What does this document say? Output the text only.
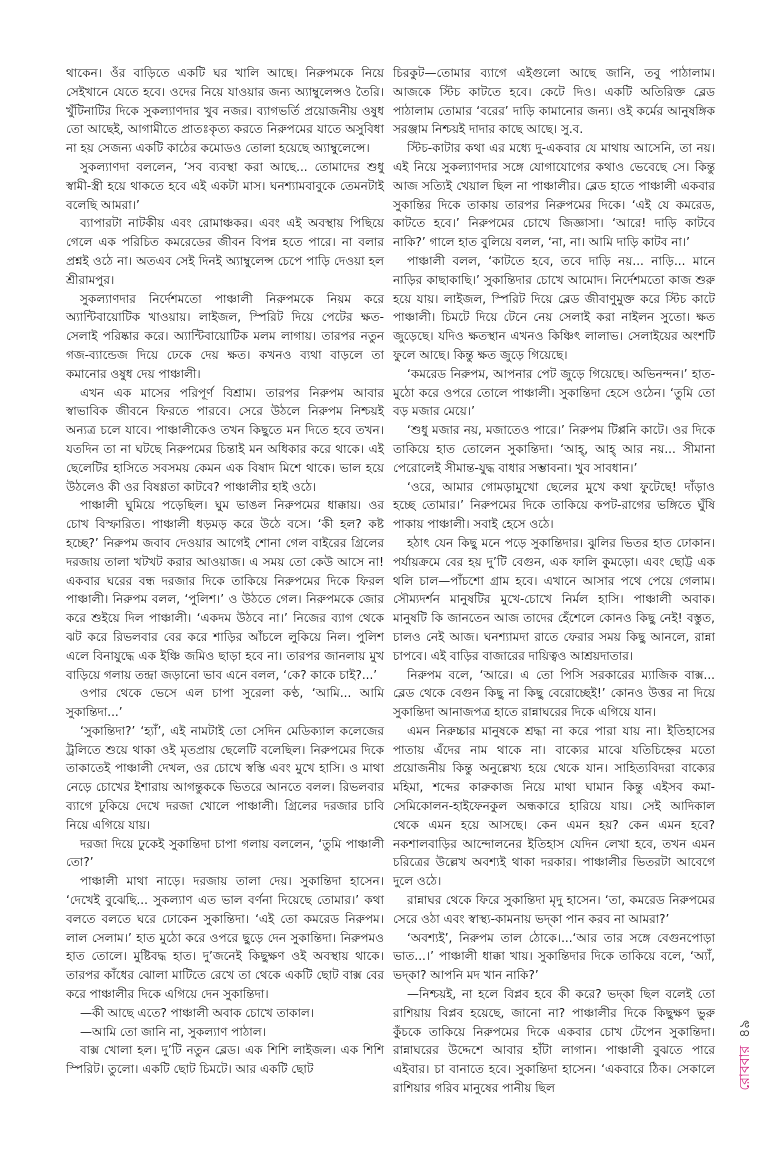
থাকেন। ওঁর বাড়িতে একটি ঘর খালি আছে। নিরুপমকে নিয়ে সেইখানে যেতে হবে। ওদের নিয়ে যাওয়ার জন্য অ্যাম্বুলেন্সও তৈরি। খুঁটিনাটির দিকে সুকল্যাণদার খুব নজর। ব্যাগভর্তি প্রয়োজনীয় ওষুধ তো আছেই, আগামীতে প্রাতঃকৃত্য করতে নিরুপমের যাতে অসুবিধা না হয় সেজন্য একটি কাঠের কমোডও তোলা হয়েছে অ্যাম্বুলেন্সে।

সুকল্যাণদা বললেন, ‘সব ব্যবস্থা করা আছে... তোমাদের শুধু স্বামী-স্ত্রী হয়ে থাকতে হবে এই একটা মাস। ঘনশ্যামবাবুকে তেমনটাই বলেছি আমরা।’

ব্যাপারটা নাটকীয় এবং রোমাঞ্চকর। এবং এই অবস্থায় পিছিয়ে গেলে এক পরিচিত কমরেডের জীবন বিপন্ন হতে পারে। না বলার প্রশ্নই ওঠে না। অতএব সেই দিনই অ্যাম্বুলেন্স চেপে পাড়ি দেওয়া হল শ্রীরামপুর।

সুকল্যাণদার নির্দেশমতো পাঞ্চালী নিরুপমকে নিয়ম করে অ্যান্টিবায়োটিক খাওয়ায়। লাইজল, স্পিরিট দিয়ে পেটের ক্ষত-সেলাই পরিষ্কার করে। অ্যান্টিবায়োটিক মলম লাগায়। তারপর নতুন গজ-ব্যান্ডেজ দিয়ে ঢেকে দেয় ক্ষত। কখনও ব্যথা বাড়লে তা কমানোর ওষুধ দেয় পাঞ্চালী।

এখন এক মাসের পরিপূর্ণ বিশ্রাম। তারপর নিরুপম আবার স্বাভাবিক জীবনে ফিরতে পারবে। সেরে উঠলে নিরুপম নিশ্চয়ই অন্যত্র চলে যাবে। পাঞ্চালীকেও তখন কিছুতে মন দিতে হবে তখন। যতদিন তা না ঘটছে নিরুপমের চিন্তাই মন অধিকার করে থাকে। এই ছেলেটির হাসিতে সবসময় কেমন এক বিষাদ মিশে থাকে। ভাল হয়ে উঠলেও কী ওর বিষণ্ণতা কাটবে? পাঞ্চালীর হাই ওঠে।

পাঞ্চালী ঘুমিয়ে পড়েছিল। ঘুম ভাঙল নিরুপমের ধাক্কায়। ওর চোখ বিস্ফারিত। পাঞ্চালী ধড়মড় করে উঠে বসে। ‘কী হল? কষ্ট হচ্ছে?’ নিরুপম জবাব দেওয়ার আগেই শোনা গেল বাইরের গ্রিলের দরজায় তালা খটখট করার আওয়াজ। এ সময় তো কেউ আসে না! একবার ঘরের বন্ধ দরজার দিকে তাকিয়ে নিরুপমের দিকে ফিরল পাঞ্চালী। নিরুপম বলল, ‘পুলিশ।’ ও উঠতে গেল। নিরুপমকে জোর করে শুইয়ে দিল পাঞ্চালী। ‘একদম উঠবে না।’ নিজের ব্যাগ থেকে ঝট করে রিভলবার বের করে শাড়ির আঁচলে লুকিয়ে নিল। পুলিশ এলে বিনাযুদ্ধে এক ইঞ্চি জমিও ছাড়া হবে না। তারপর জানলায় মুখ বাড়িয়ে গলায় তন্দ্রা জড়ানো ভাব এনে বলল, ‘কে? কাকে চাই?...’

ওপার থেকে ভেসে এল চাপা সুরেলা কণ্ঠ, ‘আমি... আমি সুকান্তিদা...’

‘সুকান্তিদা?’ ‘হ্যাঁ’, এই নামটাই তো সেদিন মেডিক্যাল কলেজের ট্রলিতে শুয়ে থাকা ওই মৃতপ্রায় ছেলেটি বলেছিল। নিরুপমের দিকে তাকাতেই পাঞ্চালী দেখল, ওর চোখে স্বস্তি এবং মুখে হাসি। ও মাথা নেড়ে চোখের ইশারায় আগন্তুককে ভিতরে আনতে বলল। রিভলবার ব্যাগে ঢুকিয়ে দেখে দরজা খোলে পাঞ্চালী। গ্রিলের দরজার চাবি নিয়ে এগিয়ে যায়।

দরজা দিয়ে ঢুকেই সুকান্তিদা চাপা গলায় বললেন, ‘তুমি পাঞ্চালী তো?’

পাঞ্চালী মাথা নাড়ে। দরজায় তালা দেয়। সুকান্তিদা হাসেন। ‘দেখেই বুঝেছি... সুকল্যাণ এত ভাল বর্ণনা দিয়েছে তোমার।’ কথা বলতে বলতে ঘরে ঢোকেন সুকান্তিদা। ‘এই তো কমরেড নিরুপম। লাল সেলাম।’ হাত মুঠো করে ওপরে ছুড়ে দেন সুকান্তিদা। নিরুপমও হাত তোলে। মুষ্টিবদ্ধ হাত। দু’জনেই কিছুক্ষণ ওই অবস্থায় থাকে। তারপর কাঁধের ঝোলা মাটিতে রেখে তা থেকে একটি ছোট বাক্স বের করে পাঞ্চালীর দিকে এগিয়ে দেন সুকান্তিদা।

—কী আছে এতে? পাঞ্চালী অবাক চোখে তাকাল।

—আমি তো জানি না, সুকল্যাণ পাঠাল।

বাক্স খোলা হল। দু’টি নতুন ব্লেড। এক শিশি লাইজল। এক শিশি স্পিরিট। তুলো। একটি ছোট চিমটে। আর একটি ছোট

চিরকুট—তোমার ব্যাগে এইগুলো আছে জানি, তবু পাঠালাম। আজকে স্টিচ কাটতে হবে। কেটে দিও। একটি অতিরিক্ত ব্লেড পাঠালাম তোমার ‘বরের’ দাড়ি কামানোর জন্য। ওই কর্মের আনুষঙ্গিক সরঞ্জাম নিশ্চয়ই দাদার কাছে আছে। সু.ব.

স্টিচ-কাটার কথা এর মধ্যে দু-একবার যে মাথায় আসেনি, তা নয়। এই নিয়ে সুকল্যাণদার সঙ্গে যোগাযোগের কথাও ভেবেছে সে। কিন্তু আজ সত্যিই খেয়াল ছিল না পাঞ্চালীর। ব্লেড হাতে পাঞ্চালী একবার সুকান্তির দিকে তাকায় তারপর নিরুপমের দিকে। ‘এই যে কমরেড, কাটতে হবে।’ নিরুপমের চোখে জিজ্ঞাসা। ‘আরে! দাড়ি কাটবে নাকি?’ গালে হাত বুলিয়ে বলল, ‘না, না। আমি দাড়ি কাটব না।’

পাঞ্চালী বলল, ‘কাটতে হবে, তবে দাড়ি নয়... নাড়ি... মানে নাড়ির কাছাকাছি।’ সুকান্তিদার চোখে আমোদ। নির্দেশমতো কাজ শুরু হয়ে যায়। লাইজল, স্পিরিট দিয়ে ব্লেড জীবাণুমুক্ত করে স্টিচ কাটে পাঞ্চালী। চিমটে দিয়ে টেনে নেয় সেলাই করা নাইলন সুতো। ক্ষত জুড়েছে। যদিও ক্ষতস্থান এখনও কিঞ্চিৎ লালাভ। সেলাইয়ের অংশটি ফুলে আছে। কিন্তু ক্ষত জুড়ে গিয়েছে।

‘কমরেড নিরুপম, আপনার পেট জুড়ে গিয়েছে। অভিনন্দন।’ হাত-মুঠো করে ওপরে তোলে পাঞ্চালী। সুকান্তিদা হেসে ওঠেন। ‘তুমি তো বড় মজার মেয়ে।’

‘শুধু মজার নয়, মজাতেও পারে।’ নিরুপম টিপ্পনি কাটে। ওর দিকে তাকিয়ে হাত তোলেন সুকান্তিদা। ‘আহ্‌, আহ্‌ আর নয়... সীমানা পেরোলেই সীমান্ত-যুদ্ধ বাধার সম্ভাবনা। খুব সাবধান।’

‘ওরে, আমার গোমড়ামুখো ছেলের মুখে কথা ফুটেছে! দাঁড়াও হচ্ছে তোমার।’ নিরুপমের দিকে তাকিয়ে কপট-রাগের ভঙ্গিতে ঘুঁষি পাকায় পাঞ্চালী। সবাই হেসে ওঠে।

হঠাৎ যেন কিছু মনে পড়ে সুকান্তিদার। ঝুলির ভিতর হাত ঢোকান। পর্যায়ক্রমে বের হয় দু’টি বেগুন, এক ফালি কুমড়ো। এবং ছোট্ট এক থলি চাল—পাঁচশো গ্রাম হবে। এখানে আসার পথে পেয়ে গেলাম। সৌম্যদর্শন মানুষটির মুখে-চোখে নির্মল হাসি। পাঞ্চালী অবাক। মানুষটি কি জানতেন আজ তাদের হেঁশেলে কোনও কিছু নেই! বস্তুত, চালও নেই আজ। ঘনশ্যামদা রাতে ফেরার সময় কিছু আনলে, রান্না চাপবে। এই বাড়ির বাজারের দায়িত্বও আশ্রয়দাতার।

নিরুপম বলে, ‘আরে। এ তো পিসি সরকারের ম্যাজিক বাক্স... ব্লেড থেকে বেগুন কিছু না কিছু বেরোচ্ছেই!’ কোনও উত্তর না দিয়ে সুকান্তিদা আনাজপত্র হাতে রান্নাঘরের দিকে এগিয়ে যান।

এমন নিরুচ্চার মানুষকে শ্রদ্ধা না করে পারা যায় না। ইতিহাসের পাতায় এঁদের নাম থাকে না। বাক্যের মাঝে যতিচিহ্নের মতো প্রয়োজনীয় কিন্তু অনুল্লেখ্য হয়ে থেকে যান। সাহিত্যবিদরা বাক্যের মহিমা, শব্দের কারুকাজ নিয়ে মাথা ঘামান কিন্তু এইসব কমা-সেমিকোলন-হাইফেনকুল অন্ধকারে হারিয়ে যায়। সেই আদিকাল থেকে এমন হয়ে আসছে। কেন এমন হয়? কেন এমন হবে? নকশালবাড়ির আন্দোলনের ইতিহাস যেদিন লেখা হবে, তখন এমন চরিত্রের উল্লেখ অবশ্যই থাকা দরকার। পাঞ্চালীর ভিতরটা আবেগে দুলে ওঠে।

রান্নাঘর থেকে ফিরে সুকান্তিদা মৃদু হাসেন। ‘তা, কমরেড নিরুপমের সেরে ওঠা এবং স্বাস্থ্য-কামনায় ভদ্‌কা পান করব না আমরা?’

‘অবশ্যই’, নিরুপম তাল ঠোকে।...‘আর তার সঙ্গে বেগুনপোড়া ভাত...।’ পাঞ্চালী ধাক্কা খায়। সুকান্তিদার দিকে তাকিয়ে বলে, ‘অ্যাঁ, ভদ্‌কা? আপনি মদ খান নাকি?’

—নিশ্চয়ই, না হলে বিপ্লব হবে কী করে? ভদ্‌কা ছিল বলেই তো রাশিয়ায় বিপ্লব হয়েছে, জানো না? পাঞ্চালীর দিকে কিছুক্ষণ ভুরু কুঁচকে তাকিয়ে নিরুপমের দিকে একবার চোখ টেপেন সুকান্তিদা। রান্নাঘরের উদ্দেশে আবার হাঁটা লাগান। পাঞ্চালী বুঝতে পারে এইবার। চা বানাতে হবে। সুকান্তিদা হাসেন। ‘একবারে ঠিক। সেকালে রাশিয়ার গরিব মানুষের পানীয় ছিল	রোববার৪৯
